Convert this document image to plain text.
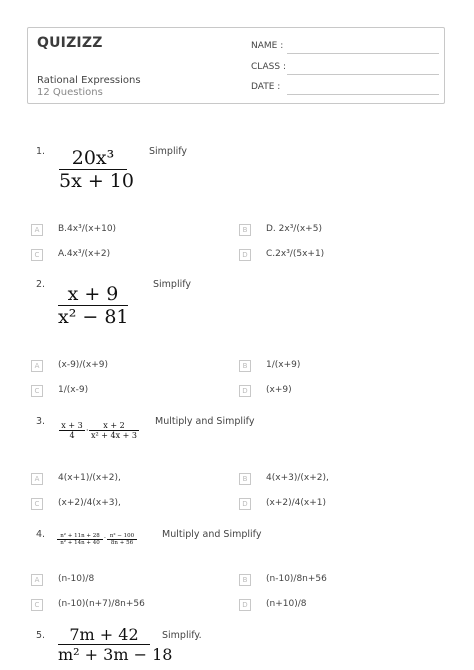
QUIZIZZ
Rational Expressions
12 Questions
NAME :
CLASS :
DATE :
1.	20x³
5x + 10
Simplify
A	B.4x³/(x+10)	B	D. 2x³/(x+5)
C	A.4x³/(x+2)	D	C.2x³/(5x+1)
2.	x + 9
x² − 81
Simplify
A	(x-9)/(x+9)	B	1/(x+9)
C	1/(x-9)	D	(x+9)
3. x + 3
4
·
x + 2
x² + 4x + 3
Multiply and Simplify
A	4(x+1)/(x+2),	B	4(x+3)/(x+2),
C	(x+2)/4(x+3),	D	(x+2)/4(x+1)
4.	n² + 11n + 28
n² + 14n + 40
· n² − 100
8n + 56
Multiply and Simplify
A	(n-10)/8	B	(n-10)/8n+56
C	(n-10)(n+7)/8n+56	D	(n+10)/8
5.	7m + 42
m² + 3m − 18
Simplify.
